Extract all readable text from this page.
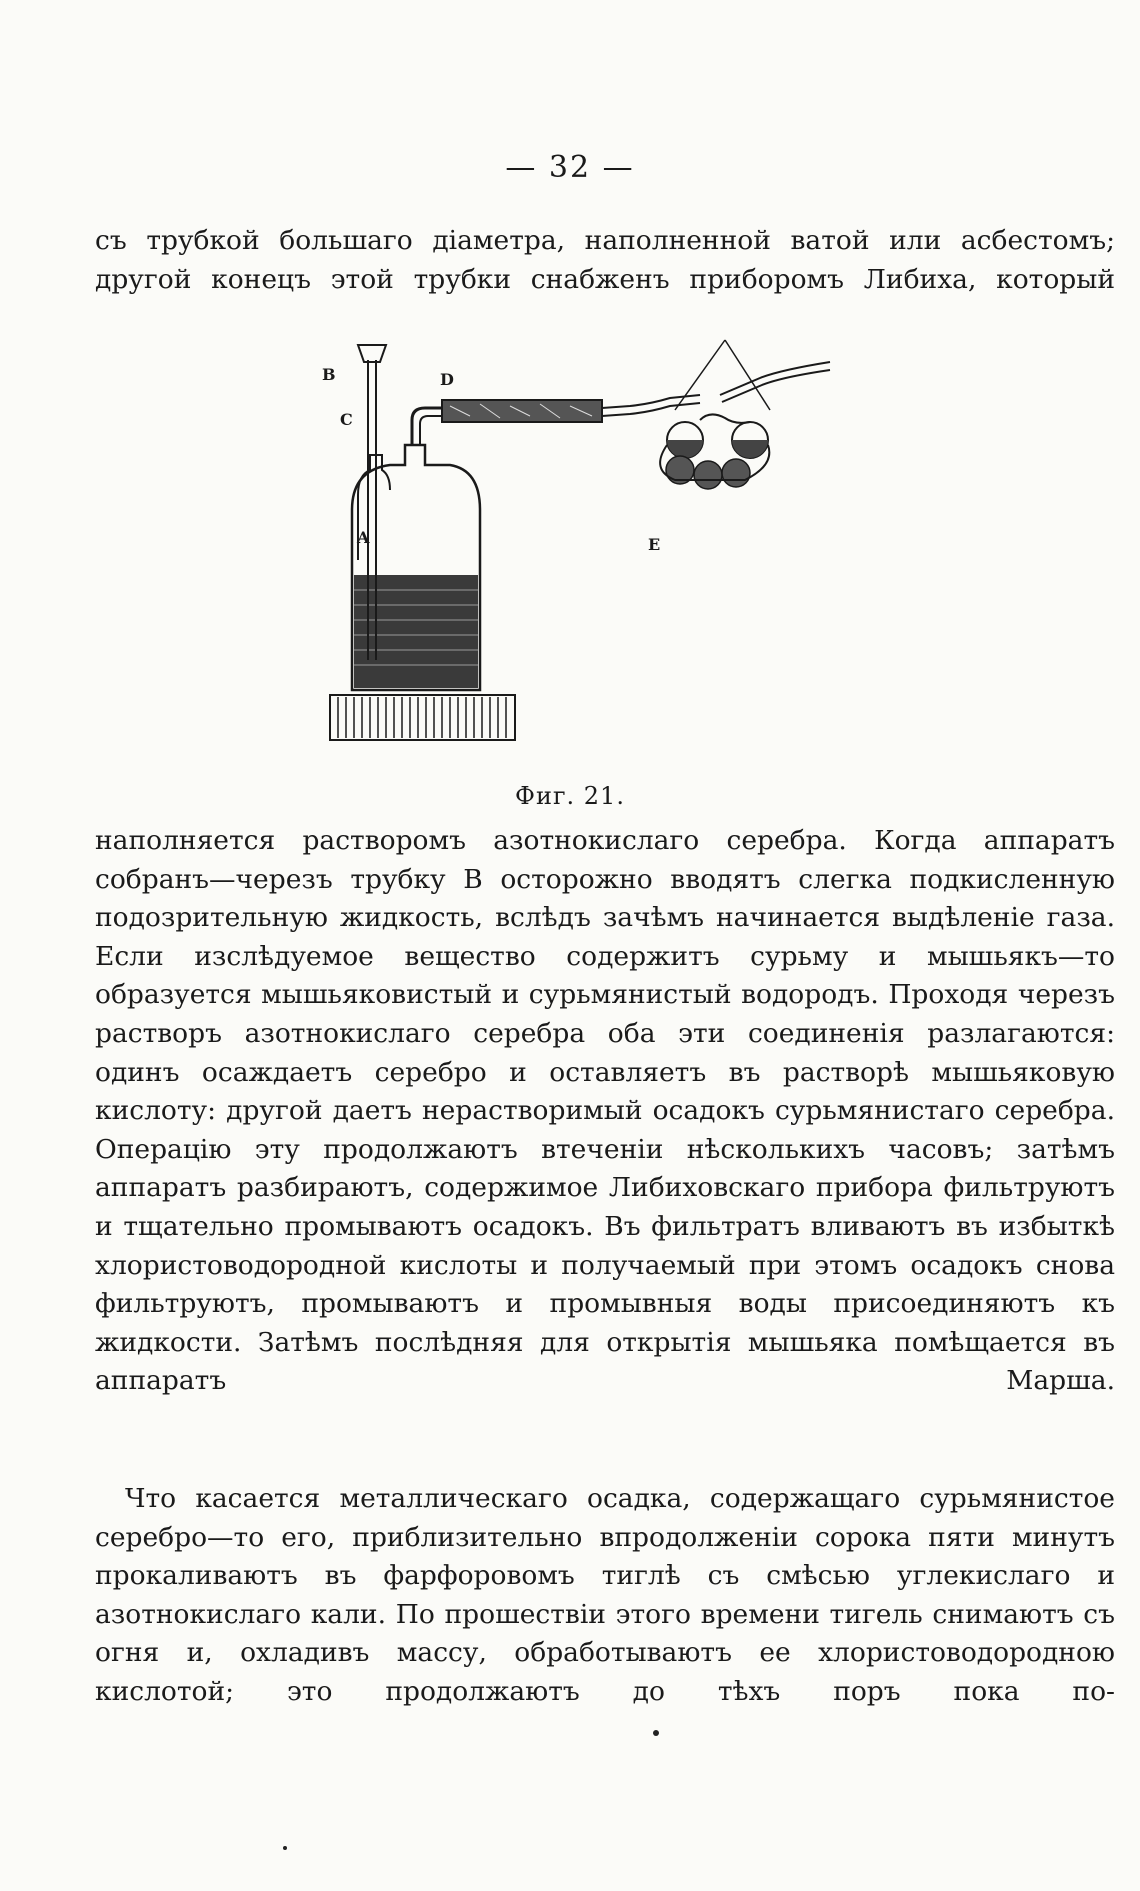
— 32 —

съ трубкой большаго діаметра, наполненной ватой или асбестомъ; другой конецъ этой трубки снабженъ приборомъ Либиха, который

B
C
D
A	E
Фиг. 21.

наполняется растворомъ азотнокислаго серебра. Когда аппаратъ собранъ—черезъ трубку В осторожно вводятъ слегка подкисленную подозрительную жидкость, вслѣдъ зачѣмъ начинается выдѣленіе газа. Если изслѣдуемое вещество содержитъ сурьму и мышьякъ—то образуется мышьяковистый и сурьмянистый водородъ. Проходя черезъ растворъ азотнокислаго серебра оба эти соединенія разлагаются: одинъ осаждаетъ серебро и оставляетъ въ растворѣ мышьяковую кислоту: другой даетъ нерастворимый осадокъ сурьмянистаго серебра. Операцію эту продолжаютъ втеченіи нѣсколькихъ часовъ; затѣмъ аппаратъ разбираютъ, содержимое Либиховскаго прибора фильтруютъ и тщательно промываютъ осадокъ. Въ фильтратъ вливаютъ въ избыткѣ хлористоводородной кислоты и получаемый при этомъ осадокъ снова фильтруютъ, промываютъ и промывныя воды присоединяютъ къ жидкости. Затѣмъ послѣдняя для открытія мышьяка помѣщается въ аппаратъ Марша.

Что касается металлическаго осадка, содержащаго сурьмянистое серебро—то его, приблизительно впродолженіи сорока пяти минутъ прокаливаютъ въ фарфоровомъ тиглѣ съ смѣсью углекислаго и азотнокислаго кали. По прошествіи этого времени тигель снимаютъ съ огня и, охладивъ массу, обработываютъ ее хлористоводородною кислотой; это продолжаютъ до тѣхъ поръ пока по-
